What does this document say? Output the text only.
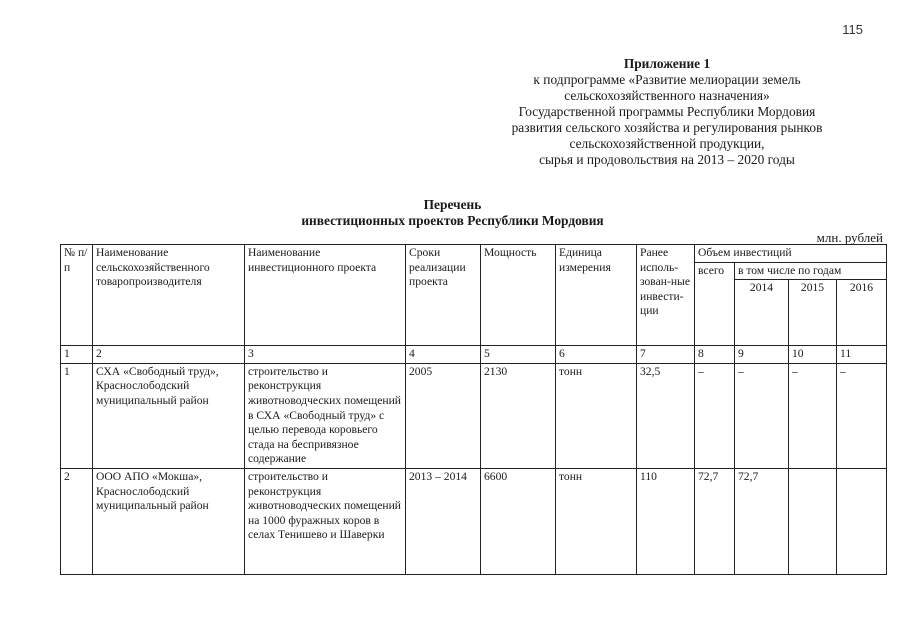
115
Приложение 1
к подпрограмме «Развитие мелиорации земель
сельскохозяйственного назначения»
Государственной программы Республики Мордовия
развития сельского хозяйства и регулирования рынков
сельскохозяйственной продукции,
сырья и продовольствия на 2013 – 2020 годы
Перечень
инвестиционных проектов Республики Мордовия
млн. рублей
№ п/п	Наименование сельскохозяйственного товаропроизводителя	Наименование инвестиционного проекта	Сроки реализации проекта	Мощность	Единица измерения	Ранее исполь-зован-ные инвести-ции	Объем инвестиций			
							всего	в том числе по годам		
								2014	2015	2016
1	2	3	4	5	6	7	8	9	10	11
1	СХА «Свободный труд», Краснослободский муниципальный район	строительство и реконструкция животноводческих помещений в СХА «Свободный труд» с целью перевода коровьего стада на беспривязное содержание	2005	2130	тонн	32,5	–	–	–	–
2	ООО АПО «Мокша», Краснослободский муниципальный район	строительство и реконструкция животноводческих помещений на 1000 фуражных коров в селах Тенишево и Шаверки	2013 – 2014	6600	тонн	110	72,7	72,7		
